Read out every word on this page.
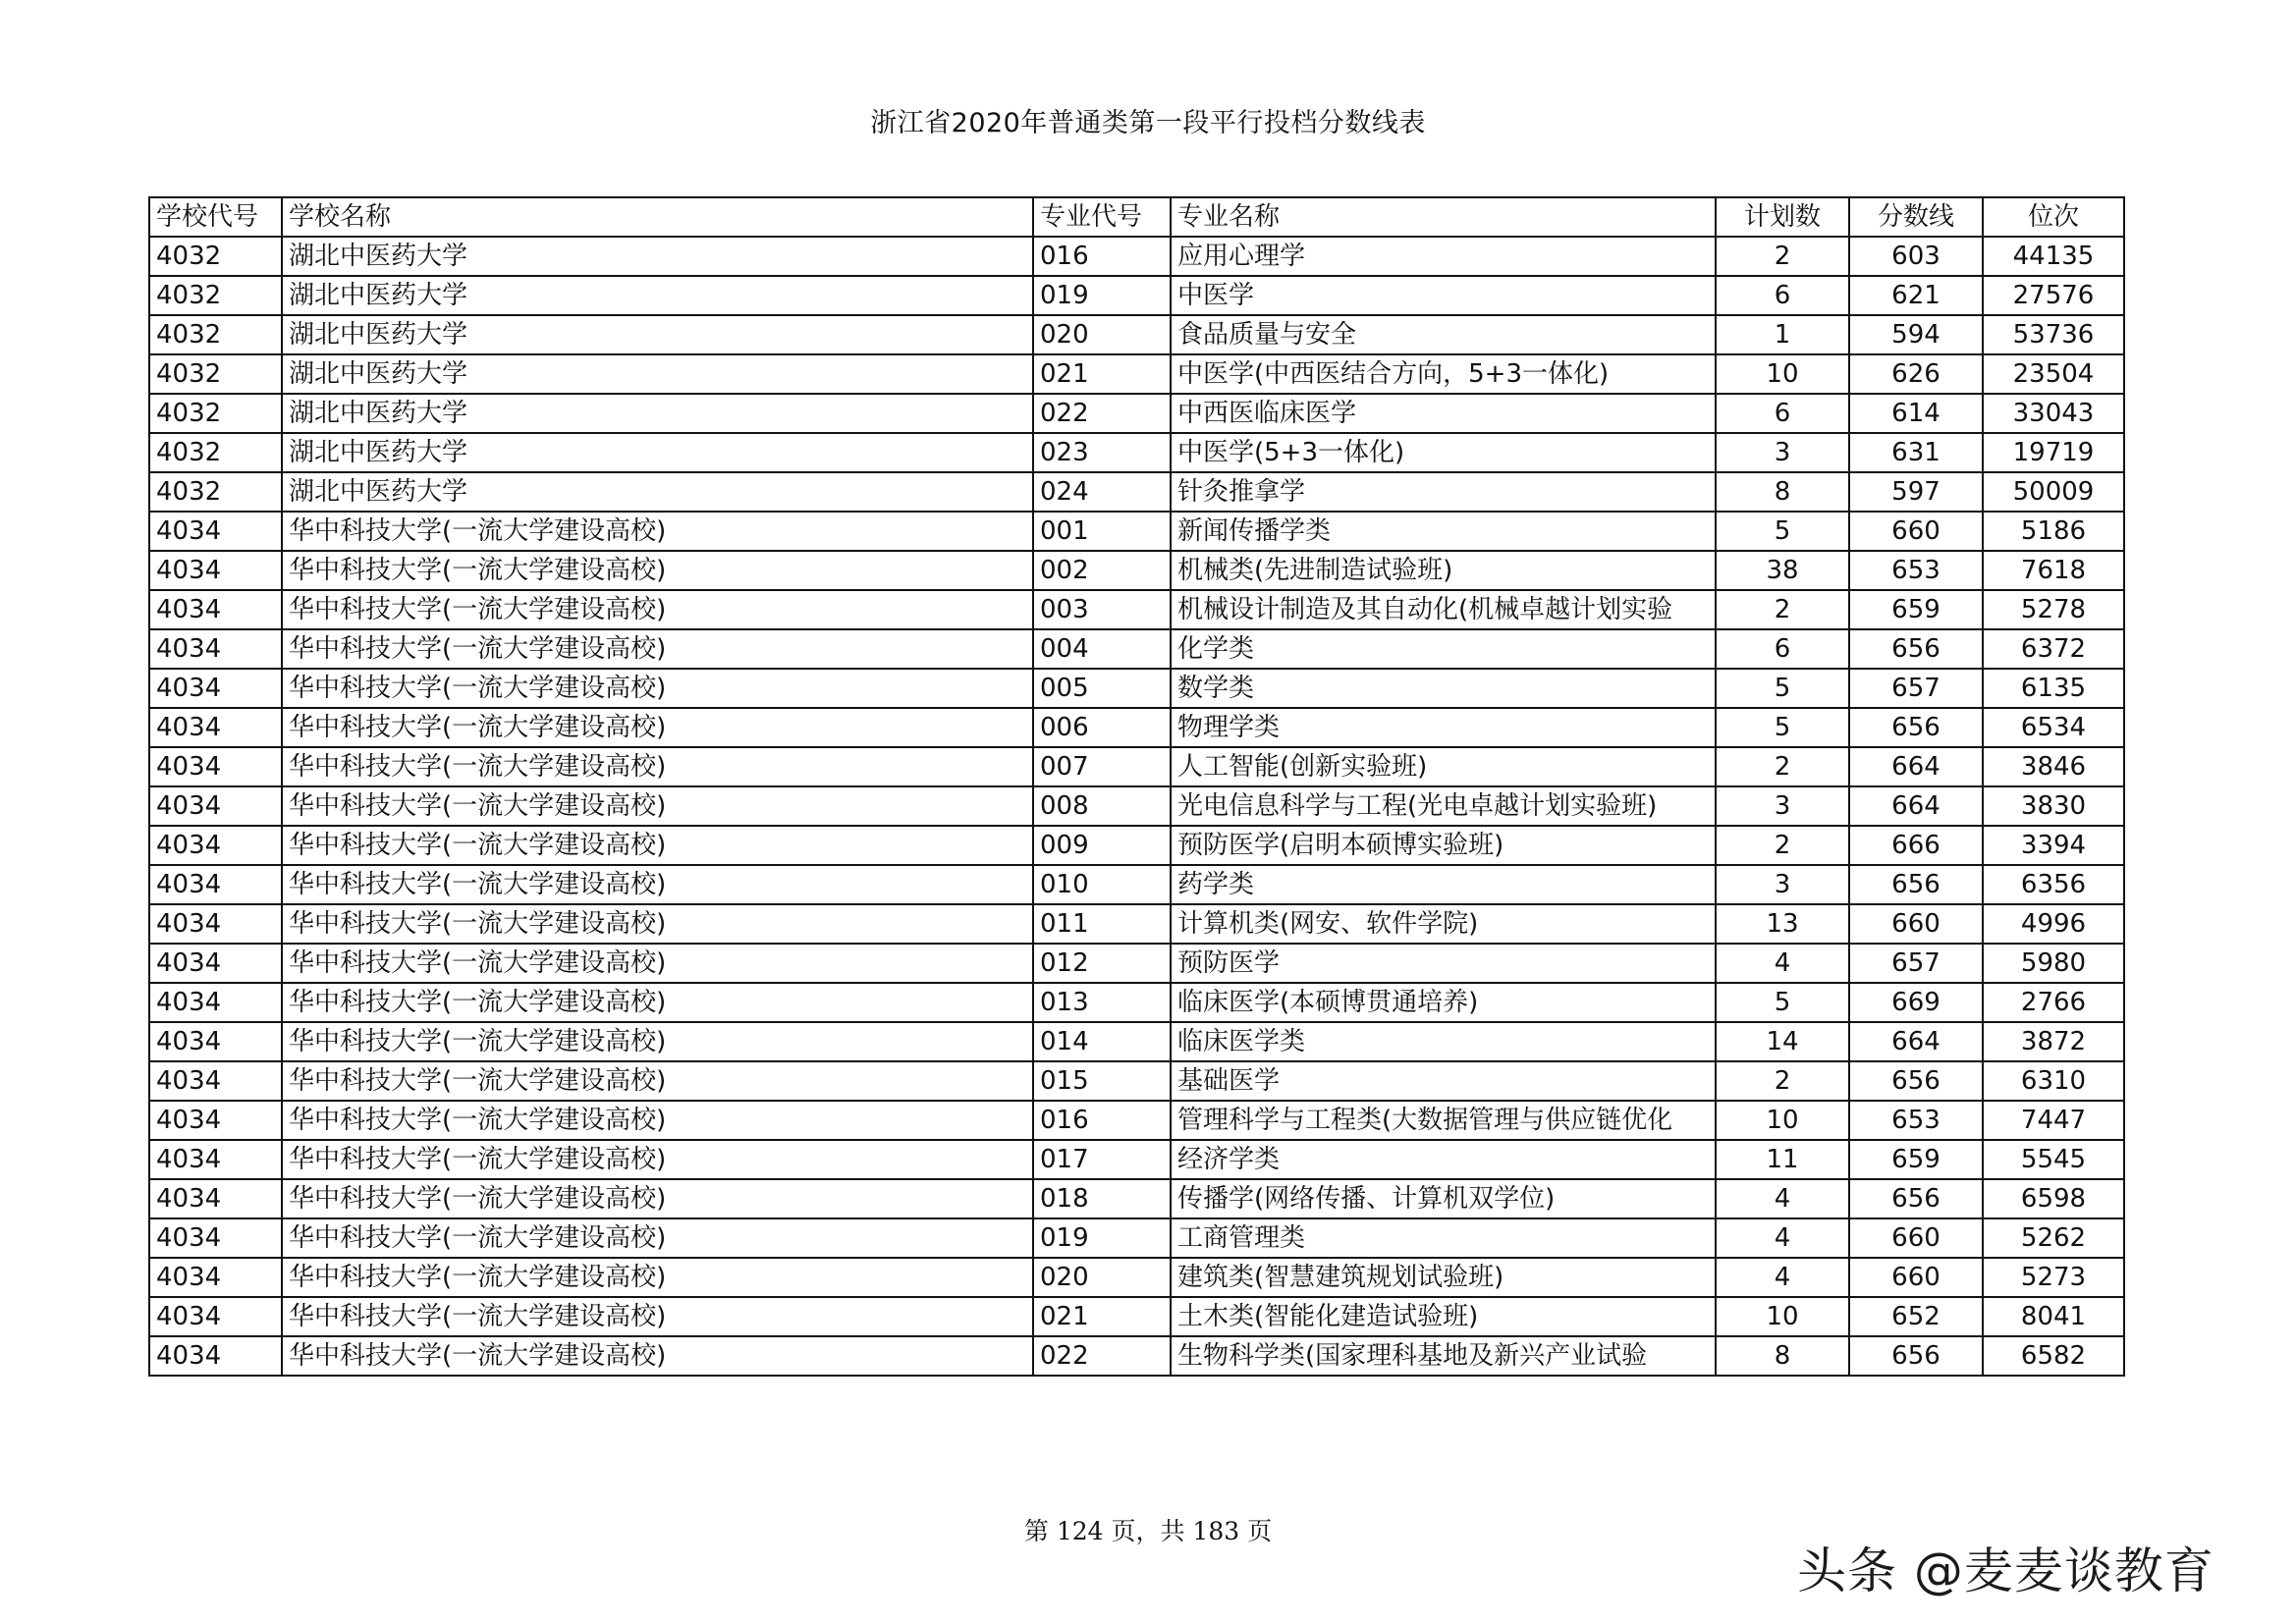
浙江省2020年普通类第一段平行投档分数线表
学校代号	学校名称	专业代号	专业名称	计划数	分数线	位次
4032	湖北中医药大学	016	应用心理学	2	603	44135
4032	湖北中医药大学	019	中医学	6	621	27576
4032	湖北中医药大学	020	食品质量与安全	1	594	53736
4032	湖北中医药大学	021	中医学(中西医结合方向，5+3一体化)	10	626	23504
4032	湖北中医药大学	022	中西医临床医学	6	614	33043
4032	湖北中医药大学	023	中医学(5+3一体化)	3	631	19719
4032	湖北中医药大学	024	针灸推拿学	8	597	50009
4034	华中科技大学(一流大学建设高校)	001	新闻传播学类	5	660	5186
4034	华中科技大学(一流大学建设高校)	002	机械类(先进制造试验班)	38	653	7618
4034	华中科技大学(一流大学建设高校)	003	机械设计制造及其自动化(机械卓越计划实验	2	659	5278
4034	华中科技大学(一流大学建设高校)	004	化学类	6	656	6372
4034	华中科技大学(一流大学建设高校)	005	数学类	5	657	6135
4034	华中科技大学(一流大学建设高校)	006	物理学类	5	656	6534
4034	华中科技大学(一流大学建设高校)	007	人工智能(创新实验班)	2	664	3846
4034	华中科技大学(一流大学建设高校)	008	光电信息科学与工程(光电卓越计划实验班)	3	664	3830
4034	华中科技大学(一流大学建设高校)	009	预防医学(启明本硕博实验班)	2	666	3394
4034	华中科技大学(一流大学建设高校)	010	药学类	3	656	6356
4034	华中科技大学(一流大学建设高校)	011	计算机类(网安、软件学院)	13	660	4996
4034	华中科技大学(一流大学建设高校)	012	预防医学	4	657	5980
4034	华中科技大学(一流大学建设高校)	013	临床医学(本硕博贯通培养)	5	669	2766
4034	华中科技大学(一流大学建设高校)	014	临床医学类	14	664	3872
4034	华中科技大学(一流大学建设高校)	015	基础医学	2	656	6310
4034	华中科技大学(一流大学建设高校)	016	管理科学与工程类(大数据管理与供应链优化	10	653	7447
4034	华中科技大学(一流大学建设高校)	017	经济学类	11	659	5545
4034	华中科技大学(一流大学建设高校)	018	传播学(网络传播、计算机双学位)	4	656	6598
4034	华中科技大学(一流大学建设高校)	019	工商管理类	4	660	5262
4034	华中科技大学(一流大学建设高校)	020	建筑类(智慧建筑规划试验班)	4	660	5273
4034	华中科技大学(一流大学建设高校)	021	土木类(智能化建造试验班)	10	652	8041
4034	华中科技大学(一流大学建设高校)	022	生物科学类(国家理科基地及新兴产业试验	8	656	6582
第 124 页，共 183 页
头条 @麦麦谈教育
